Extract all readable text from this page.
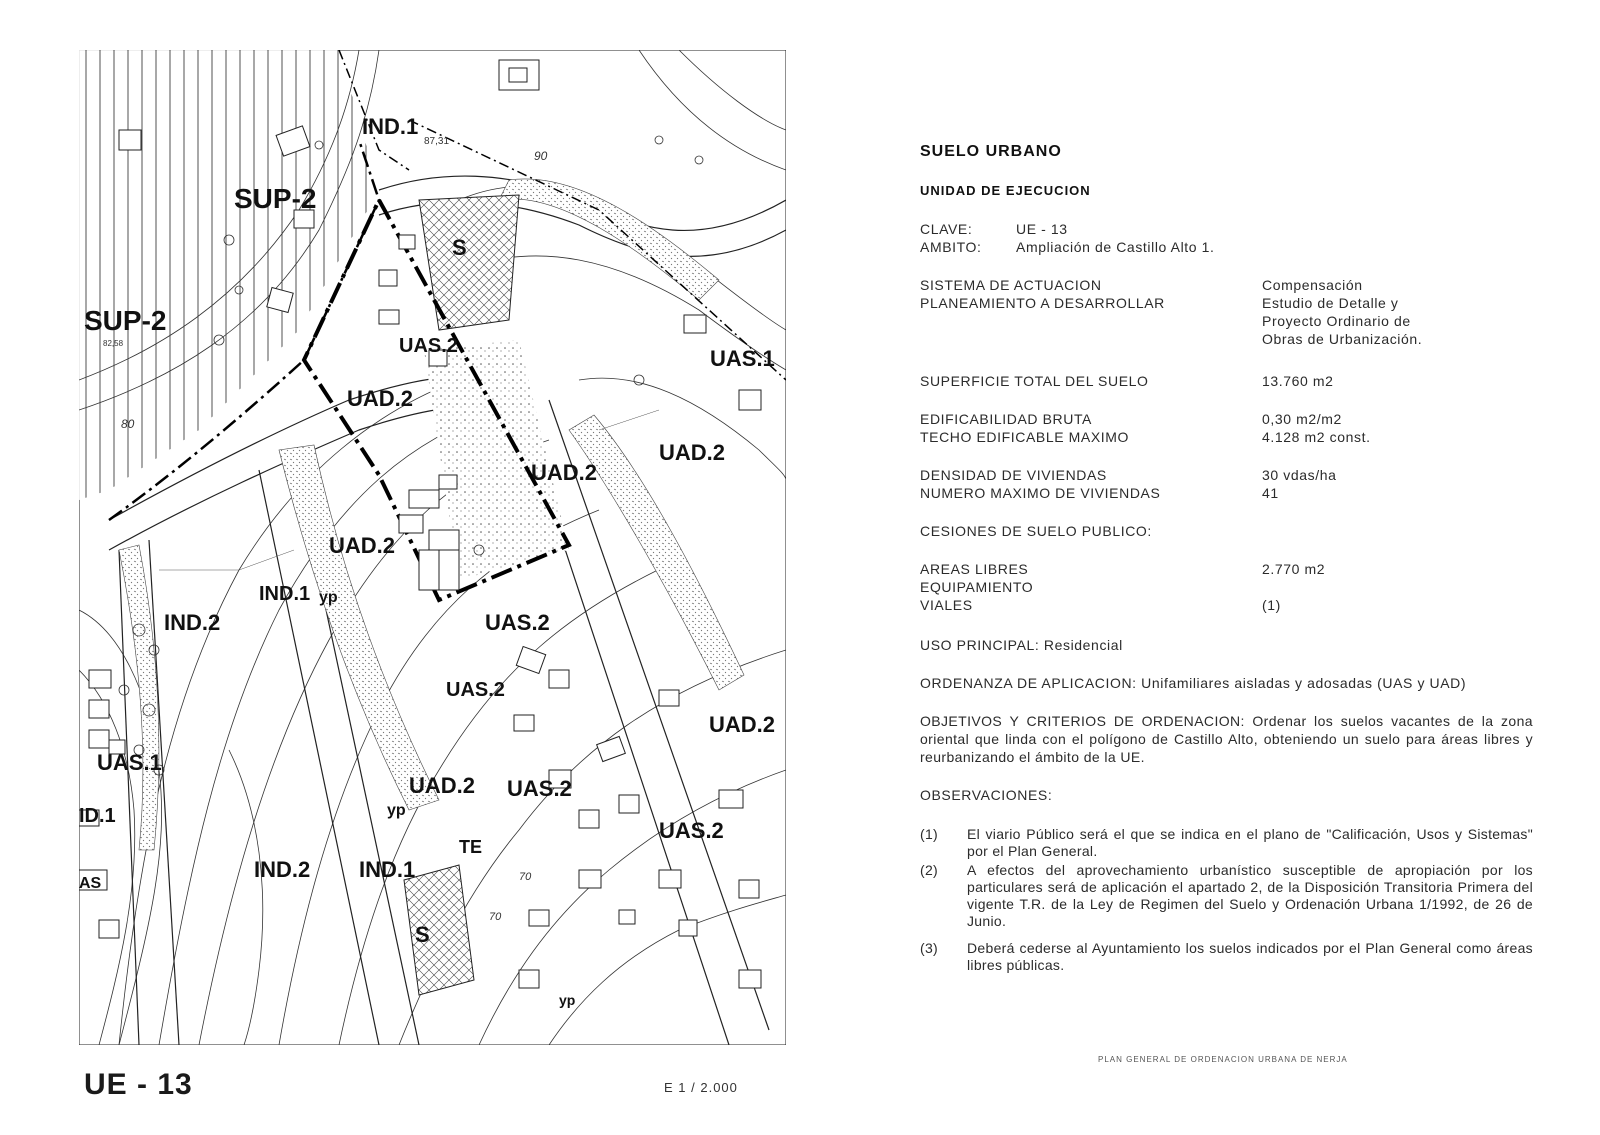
IND.1
SUP-2
SUP-2
S
UAS.2	UAS.1
UAD.2
UAD.2
UAD.2
UAD.2
IND.1 yp
IND.2	UAS.2
UAS.2
UAS.1
UAD.2
UAD.2 UAS.2
ID.1	yp
TE
UAS.2
IND.2 IND.1
S
AS
yp
87,31
90
80
82,58
70
70
UE - 13	E 1 / 2.000
SUELO URBANO
UNIDAD DE EJECUCION
CLAVE:	UE - 13
AMBITO: Ampliación de Castillo Alto 1.
SISTEMA DE ACTUACION	Compensación
PLANEAMIENTO A DESARROLLAR	Estudio de Detalle y
Proyecto Ordinario de
Obras de Urbanización.
SUPERFICIE TOTAL DEL SUELO	13.760 m2
EDIFICABILIDAD BRUTA	0,30 m2/m2
TECHO EDIFICABLE MAXIMO	4.128 m2 const.
DENSIDAD DE VIVIENDAS	30 vdas/ha
NUMERO MAXIMO DE VIVIENDAS	41
CESIONES DE SUELO PUBLICO:
AREAS LIBRES	2.770 m2
EQUIPAMIENTO
VIALES	(1)
USO PRINCIPAL: Residencial
ORDENANZA DE APLICACION: Unifamiliares aisladas y adosadas (UAS y UAD)
OBJETIVOS Y CRITERIOS DE ORDENACION: Ordenar los suelos vacantes de la zona oriental que linda con el polígono de Castillo Alto, obteniendo un suelo para áreas libres y reurbanizando el ámbito de la UE.
OBSERVACIONES:
(1) El viario Público será el que se indica en el plano de "Calificación, Usos y Sistemas" por el Plan General.
(2) A efectos del aprovechamiento urbanístico susceptible de apropiación por los particulares será de aplicación el apartado 2, de la Disposición Transitoria Primera del vigente T.R. de la Ley de Regimen del Suelo y Ordenación Urbana 1/1992, de 26 de Junio.
(3) Deberá cederse al Ayuntamiento los suelos indicados por el Plan General como áreas libres públicas.
PLAN GENERAL DE ORDENACION URBANA DE NERJA
